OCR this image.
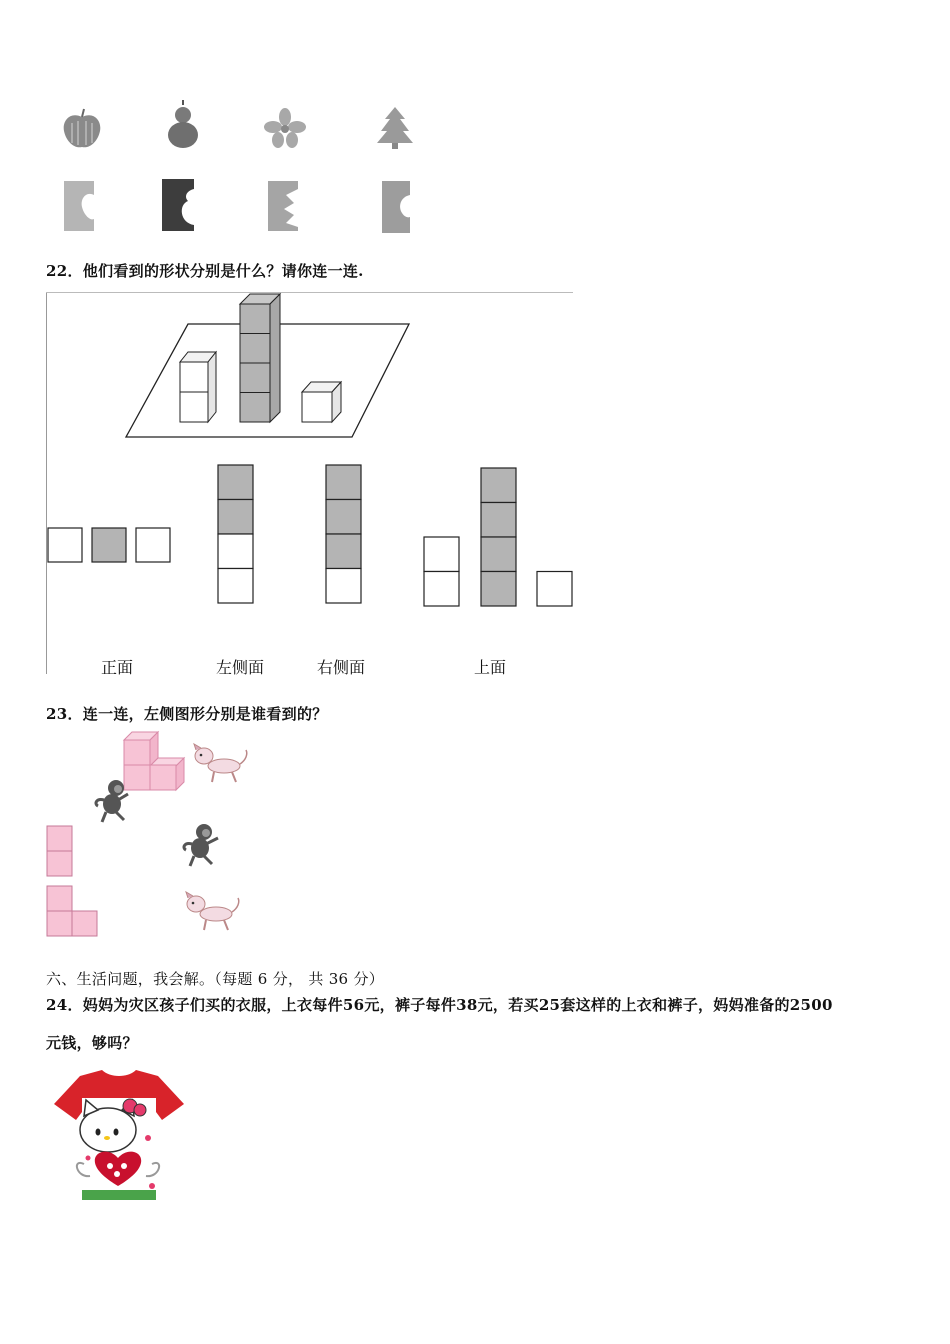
22．他们看到的形状分别是什么？请你连一连.
正面	左侧面	右侧面	上面
23．连一连，左侧图形分别是谁看到的？
六、生活问题，我会解。（每题 6 分， 共 36 分）
24．妈妈为灾区孩子们买的衣服，上衣每件56元，裤子每件38元，若买25套这样的上衣和裤子，妈妈准备的2500
元钱，够吗？
